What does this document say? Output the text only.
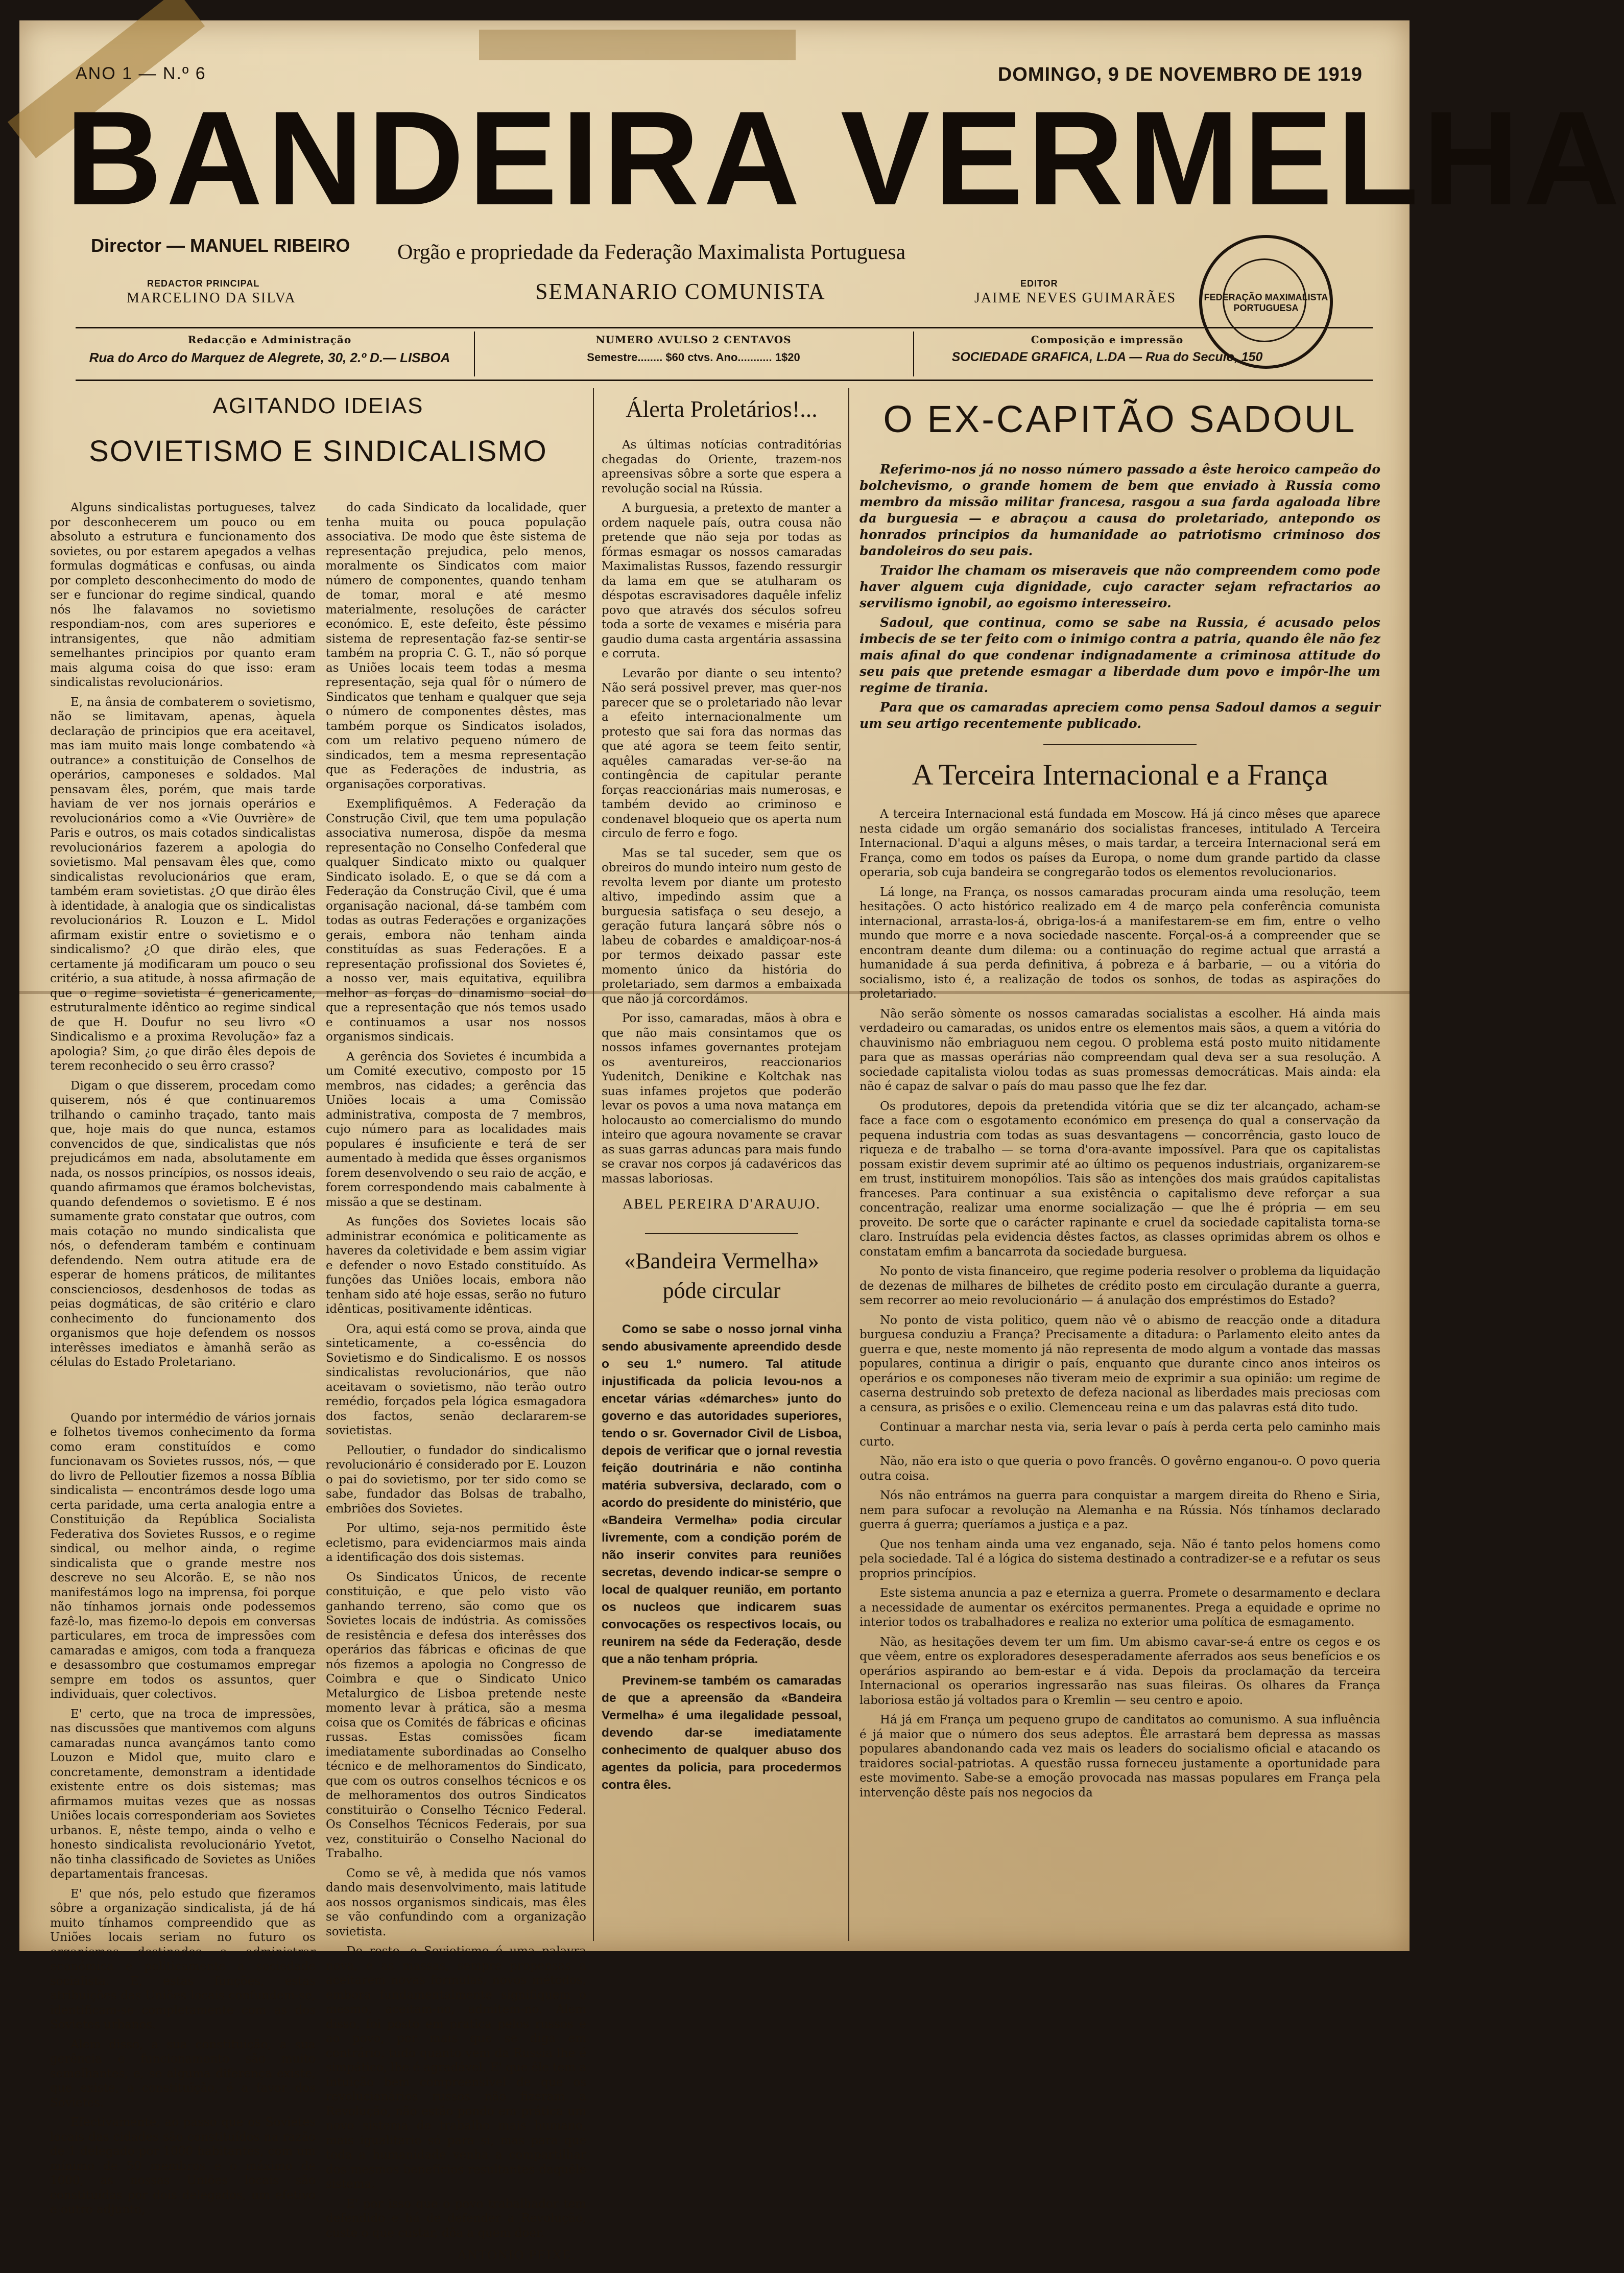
ANO 1 — N.º 6	DOMINGO, 9 DE NOVEMBRO DE 1919
BANDEIRA VERMELHA
Director — MANUEL RIBEIRO
REDACTOR PRINCIPAL
MARCELINO DA SILVA
Orgão e propriedade da Federação Maximalista Portuguesa
SEMANARIO COMUNISTA	EDITOR
JAIME NEVES GUIMARÃES	FEDERAÇÃO MAXIMALISTA PORTUGUESA
Redacção e Administração
Rua do Arco do Marquez de Alegrete, 30, 2.º D.— LISBOA
NUMERO AVULSO 2 CENTAVOS
Semestre........ $60 ctvs. Ano........... 1$20
Composição e impressão
SOCIEDADE GRAFICA, L.DA — Rua do Seculo, 150
AGITANDO IDEIAS
SOVIETISMO E SINDICALISMO

Alguns sindicalistas portugueses, talvez por desconhecerem um pouco ou em absoluto a estrutura e funcionamento dos sovietes, ou por estarem apegados a velhas formulas dogmáticas e confusas, ou ainda por completo desconhecimento do modo de ser e funcionar do regime sindical, quando nós lhe falavamos no sovietismo respondiam-nos, com ares superiores e intransigentes, que não admitiam semelhantes principios por quanto eram mais alguma coisa do que isso: eram sindicalistas revolucionários.

E, na ânsia de combaterem o sovietismo, não se limitavam, apenas, àquela declaração de principios que era aceitavel, mas iam muito mais longe combatendo «à outrance» a constituição de Conselhos de operários, camponeses e soldados. Mal pensavam êles, porém, que mais tarde haviam de ver nos jornais operários e revolucionários como a «Vie Ouvrière» de Paris e outros, os mais cotados sindicalistas revolucionários fazerem a apologia do sovietismo. Mal pensavam êles que, como sindicalistas revolucionários que eram, também eram sovietistas. ¿O que dirão êles à identidade, à analogia que os sindicalistas revolucionários R. Louzon e L. Midol afirmam existir entre o sovietismo e o sindicalismo? ¿O que dirão eles, que certamente já modificaram um pouco o seu critério, a sua atitude, à nossa afirmação de que o regime sovietista é genericamente, estruturalmente idêntico ao regime sindical de que H. Doufur no seu livro «O Sindicalismo e a proxima Revolução» faz a apologia? Sim, ¿o que dirão êles depois de terem reconhecido o seu êrro crasso?

Digam o que disserem, procedam como quiserem, nós é que continuaremos trilhando o caminho traçado, tanto mais que, hoje mais do que nunca, estamos convencidos de que, sindicalistas que nós prejudicámos em nada, absolutamente em nada, os nossos princípios, os nossos ideais, quando afirmamos que éramos bolchevistas, quando defendemos o sovietismo. E é nos sumamente grato constatar que outros, com mais cotação no mundo sindicalista que nós, o defenderam também e continuam defendendo. Nem outra atitude era de esperar de homens práticos, de militantes conscienciosos, desdenhosos de todas as peias dogmáticas, de são critério e claro conhecimento do funcionamento dos organismos que hoje defendem os nossos interêsses imediatos e àmanhã serão as células do Estado Proletariano.

Quando por intermédio de vários jornais e folhetos tivemos conhecimento da forma como eram constituídos e como funcionavam os Sovietes russos, nós, — que do livro de Pelloutier fizemos a nossa Bíblia sindicalista — encontrámos desde logo uma certa paridade, uma certa analogia entre a Constituição da República Socialista Federativa dos Sovietes Russos, e o regime sindical, ou melhor ainda, o regime sindicalista que o grande mestre nos descreve no seu Alcorão. E, se não nos manifestámos logo na imprensa, foi porque não tínhamos jornais onde podessemos fazê-lo, mas fizemo-lo depois em conversas particulares, em troca de impressões com camaradas e amigos, com toda a franqueza e desassombro que costumamos empregar sempre em todos os assuntos, quer individuais, quer colectivos.

E' certo, que na troca de impressões, nas discussões que mantivemos com alguns camaradas nunca avançámos tanto como Louzon e Midol que, muito claro e concretamente, demonstram a identidade existente entre os dois sistemas; mas afirmamos muitas vezes que as nossas Uniões locais corresponderiam aos Sovietes urbanos. E, nêste tempo, ainda o velho e honesto sindicalista revolucionário Yvetot, não tinha classificado de Sovietes as Uniões departamentais francesas.

E' que nós, pelo estudo que fizeramos sôbre a organização sindicalista, já de há muito tínhamos compreendido que as Uniões locais seriam no futuro os organismos destinados a administrar económica e politicamente a sociedade socialista. E, estas funções, estas atribuições das Uniões locais confundem-se, identificam-se completamente com as dos Sovietes urbanos.

Alem disso, a sua constituição, a sua gerência e funcionamento são muito semelhantes, e, se alguma diferença existe, que existe, a constituïção, é a favor dos Sovietes.

Efectivamente, ao passo que os Sovietes locais das cidades são constituídos na razão de 1 delegado por 1000 habitantes, com um mínimo de 50 membros e o máximo de 1000, as nossas Uniões locais são constituídas por dois delegados, um efetivo e outro adjunto,

do cada Sindicato da localidade, quer tenha muita ou pouca população associativa. De modo que êste sistema de representação prejudica, pelo menos, moralmente os Sindicatos com maior número de componentes, quando tenham de tomar, moral e até mesmo materialmente, resoluções de carácter económico. E, este defeito, êste péssimo sistema de representação faz-se sentir-se também na propria C. G. T., não só porque as Uniões locais teem todas a mesma representação, seja qual fôr o número de Sindicatos que tenham e qualquer que seja o número de componentes dêstes, mas também porque os Sindicatos isolados, com um relativo pequeno número de sindicados, tem a mesma representação que as Federações de industria, as organisações corporativas.

Exemplifiquêmos. A Federação da Construção Civil, que tem uma população associativa numerosa, dispõe da mesma representação no Conselho Confederal que qualquer Sindicato mixto ou qualquer Sindicato isolado. E, o que se dá com a Federação da Construção Civil, que é uma organisação nacional, dá-se também com todas as outras Federações e organizações gerais, embora não tenham ainda constituídas as suas Federações. E a representação profissional dos Sovietes é, a nosso ver, mais equitativa, equilibra melhor as forças do dinamismo social do que a representação que nós temos usado e continuamos a usar nos nossos organismos sindicais.

A gerência dos Sovietes é incumbida a um Comité executivo, composto por 15 membros, nas cidades; a gerência das Uniões locais a uma Comissão administrativa, composta de 7 membros, cujo número para as localidades mais populares é insuficiente e terá de ser aumentado à medida que êsses organismos forem desenvolvendo o seu raio de acção, e forem correspondendo mais cabalmente à missão a que se destinam.

As funções dos Sovietes locais são administrar económica e politicamente as haveres da coletividade e bem assim vigiar e defender o novo Estado constituído. As funções das Uniões locais, embora não tenham sido até hoje essas, serão no futuro idênticas, positivamente idênticas.

Ora, aqui está como se prova, ainda que sinteticamente, a co-essência do Sovietismo e do Sindicalismo. E os nossos sindicalistas revolucionários, que não aceitavam o sovietismo, não terão outro remédio, forçados pela lógica esmagadora dos factos, senão declararem-se sovietistas.

Pelloutier, o fundador do sindicalismo revolucionário é considerado por E. Louzon o pai do sovietismo, por ter sido como se sabe, fundador das Bolsas de trabalho, embriões dos Sovietes.

Por ultimo, seja-nos permitido êste ecletismo, para evidenciarmos mais ainda a identificação dos dois sistemas.

Os Sindicatos Únicos, de recente constituição, e que pelo visto vão ganhando terreno, são como que os Sovietes locais de indústria. As comissões de resistência e defesa dos interêsses dos operários das fábricas e oficinas de que nós fizemos a apologia no Congresso de Coimbra e que o Sindicato Unico Metalurgico de Lisboa pretende neste momento levar à prática, são a mesma coisa que os Comités de fábricas e oficinas russas. Estas comissões ficam imediatamente subordinadas ao Conselho técnico e de melhoramentos do Sindicato, que com os outros conselhos técnicos e os de melhoramentos dos outros Sindicatos constituirão o Conselho Técnico Federal. Os Conselhos Técnicos Federais, por sua vez, constituirão o Conselho Nacional do Trabalho.

Como se vê, à medida que nós vamos dando mais desenvolvimento, mais latitude aos nossos organismos sindicais, mas êles se vão confundindo com a organização sovietista.

De resto, o Sovietismo é uma palavra nova, e as massas, sempre propensas a aceitarem novas formulas, novos métodos, embora fundamentalmente signifiquem o mesmo, aceitam-no, admitem-no. Alem disso, foi posto em pratica pelos russos e ao povo, por mais que se diga em contrário, tudo quanto vem da Russia lhe é simpático, lhe é agradável. E' que êle tem a intuição bem compreensivel de que os revolucionários russos não fizeram a Revolução, não estão pondo em prática um novo sistema de trabalho mais humano, mais igualitario só para si, mas para que toda a humanidade venha a compartilhar dos mesmos benefícios resultantes daquêle sistema.

E' por isso que o povo trabalhador tem defendido e há de defender a Revolução, custe o que custar, dôa a quem doer.

ANTONIO PEIXE.
Álerta Proletários!...

As últimas notícias contraditórias chegadas do Oriente, trazem-nos apreensivas sôbre a sorte que espera a revolução social na Rússia.

A burguesia, a pretexto de manter a ordem naquele país, outra cousa não pretende que não seja por todas as fórmas esmagar os nossos camaradas Maximalistas Russos, fazendo ressurgir da lama em que se atulharam os déspotas escravisadores daquêle infeliz povo que através dos séculos sofreu toda a sorte de vexames e miséria para gaudio duma casta argentária assassina e corruta.

Levarão por diante o seu intento? Não será possivel prever, mas quer-nos parecer que se o proletariado não levar a efeito internacionalmente um protesto que sai fora das normas das que até agora se teem feito sentir, aquêles camaradas ver-se-ão na contingência de capitular perante forças reaccionárias mais numerosas, e também devido ao criminoso e condenavel bloqueio que os aperta num circulo de ferro e fogo.

Mas se tal suceder, sem que os obreiros do mundo inteiro num gesto de revolta levem por diante um protesto altivo, impedindo assim que a burguesia satisfaça o seu desejo, a geração futura lançará sôbre nós o labeu de cobardes e amaldiçoar-nos-á por termos deixado passar este momento único da história do proletariado, sem darmos a embaixada que não já corcordámos.

Por isso, camaradas, mãos à obra e que não mais consintamos que os nossos infames governantes protejam os aventureiros, reaccionarios Yudenitch, Denikine e Koltchak nas suas infames projetos que poderão levar os povos a uma nova matança em holocausto ao comercialismo do mundo inteiro que agoura novamente se cravar as suas garras aduncas para mais fundo se cravar nos corpos já cadavéricos das massas laboriosas.

ABEL PEREIRA D'ARAUJO.
«Bandeira Vermelha» póde circular

Como se sabe o nosso jornal vinha sendo abusivamente apreendido desde o seu 1.º numero. Tal atitude injustificada da policia levou-nos a encetar várias «démarches» junto do governo e das autoridades superiores, tendo o sr. Governador Civil de Lisboa, depois de verificar que o jornal revestia feição doutrinária e não continha matéria subversiva, declarado, com o acordo do presidente do ministério, que «Bandeira Vermelha» podia circular livremente, com a condição porém de não inserir convites para reuniões secretas, devendo indicar-se sempre o local de qualquer reunião, em portanto os nucleos que indicarem suas convocações os respectivos locais, ou reunirem na séde da Federação, desde que a não tenham própria.

Previnem-se também os camaradas de que a apreensão da «Bandeira Vermelha» é uma ilegalidade pessoal, devendo dar-se imediatamente conhecimento de qualquer abuso dos agentes da policia, para procedermos contra êles.

O EX-CAPITÃO SADOUL

Referimo-nos já no nosso número passado a êste heroico campeão do bolchevismo, o grande homem de bem que enviado à Russia como membro da missão militar francesa, rasgou a sua farda agaloada libre da burguesia — e abraçou a causa do proletariado, antepondo os honrados principios da humanidade ao patriotismo criminoso dos bandoleiros do seu pais.

Traidor lhe chamam os miseraveis que não compreendem como pode haver alguem cuja dignidade, cujo caracter sejam refractarios ao servilismo ignobil, ao egoismo interesseiro.

Sadoul, que continua, como se sabe na Russia, é acusado pelos imbecis de se ter feito com o inimigo contra a patria, quando êle não fez mais afinal do que condenar indignadamente a criminosa attitude do seu pais que pretende esmagar a liberdade dum povo e impôr-lhe um regime de tirania.

Para que os camaradas apreciem como pensa Sadoul damos a seguir um seu artigo recentemente publicado.

A Terceira Internacional e a França

A terceira Internacional está fundada em Moscow. Há já cinco mêses que aparece nesta cidade um orgão semanário dos socialistas franceses, intitulado A Terceira Internacional. D'aqui a alguns mêses, o mais tardar, a terceira Internacional será em França, como em todos os países da Europa, o nome dum grande partido da classe operaria, sob cuja bandeira se congregarão todos os elementos revolucionarios.

Lá longe, na França, os nossos camaradas procuram ainda uma resolução, teem hesitações. O acto histórico realizado em 4 de março pela conferência comunista internacional, arrasta-los-á, obriga-los-á a manifestarem-se em fim, entre o velho mundo que morre e a nova sociedade nascente. Forçal-os-á a compreender que se encontram deante dum dilema: ou a continuação do regime actual que arrastá a humanidade á sua perda definitiva, á pobreza e á barbarie, — ou a vitória do socialismo, isto é, a realização de todos os sonhos, de todas as aspirações do proletariado.

Não serão sòmente os nossos camaradas socialistas a escolher. Há ainda mais verdadeiro ou camaradas, os unidos entre os elementos mais sãos, a quem a vitória do chauvinismo não embriaguou nem cegou. O problema está posto muito nitidamente para que as massas operárias não compreendam qual deva ser a sua resolução. A sociedade capitalista violou todas as suas promessas democráticas. Mais ainda: ela não é capaz de salvar o país do mau passo que lhe fez dar.

Os produtores, depois da pretendida vitória que se diz ter alcançado, acham-se face a face com o esgotamento económico em presença do qual a conservação da pequena industria com todas as suas desvantagens — concorrência, gasto louco de riqueza e de trabalho — se torna d'ora-avante impossível. Para que os capitalistas possam existir devem suprimir até ao último os pequenos industriais, organizarem-se em trust, instituirem monopólios. Tais são as intenções dos mais graúdos capitalistas franceses. Para continuar a sua existência o capitalismo deve reforçar a sua concentração, realizar uma enorme socialização — que lhe é própria — em seu proveito. De sorte que o carácter rapinante e cruel da sociedade capitalista torna-se claro. Instruídas pela evidencia dêstes factos, as classes oprimidas abrem os olhos e constatam emfim a bancarrota da sociedade burguesa.

No ponto de vista financeiro, que regime poderia resolver o problema da liquidação de dezenas de milhares de bilhetes de crédito posto em circulação durante a guerra, sem recorrer ao meio revolucionário — á anulação dos empréstimos do Estado?

No ponto de vista politico, quem não vê o abismo de reacção onde a ditadura burguesa conduziu a França? Precisamente a ditadura: o Parlamento eleito antes da guerra e que, neste momento já não representa de modo algum a vontade das massas populares, continua a dirigir o país, enquanto que durante cinco anos inteiros os operários e os componeses não tiveram meio de exprimir a sua opinião: um regime de caserna destruindo sob pretexto de defeza nacional as liberdades mais preciosas com a censura, as prisões e o exilio. Clemenceau reina e um das palavras está dito tudo.

Continuar a marchar nesta via, seria levar o país à perda certa pelo caminho mais curto.

Não, não era isto o que queria o povo francês. O govêrno enganou-o. O povo queria outra coisa.

Nós não entrámos na guerra para conquistar a margem direita do Rheno e Siria, nem para sufocar a revolução na Alemanha e na Rússia. Nós tínhamos declarado guerra á guerra; queríamos a justiça e a paz.

Que nos tenham ainda uma vez enganado, seja. Não é tanto pelos homens como pela sociedade. Tal é a lógica do sistema destinado a contradizer-se e a refutar os seus proprios princípios.

Este sistema anuncia a paz e eterniza a guerra. Promete o desarmamento e declara a necessidade de aumentar os exércitos permanentes. Prega a equidade e oprime no interior todos os trabalhadores e realiza no exterior uma política de esmagamento.

Não, as hesitações devem ter um fim. Um abismo cavar-se-á entre os cegos e os que vêem, entre os exploradores desesperadamente aferrados aos seus benefícios e os operários aspirando ao bem-estar e á vida. Depois da proclamação da terceira Internacional os operarios ingressarão nas suas fileiras. Os olhares da França laboriosa estão já voltados para o Kremlin — seu centro e apoio.

Há já em França um pequeno grupo de canditatos ao comunismo. A sua influência é já maior que o número dos seus adeptos. Êle arrastará bem depressa as massas populares abandonando cada vez mais os leaders do socialismo oficial e atacando os traidores social-patriotas. A questão russa forneceu justamente a oportunidade para este movimento. Sabe-se a emoção provocada nas massas populares em França pela intervenção dêste país nos negocios da
